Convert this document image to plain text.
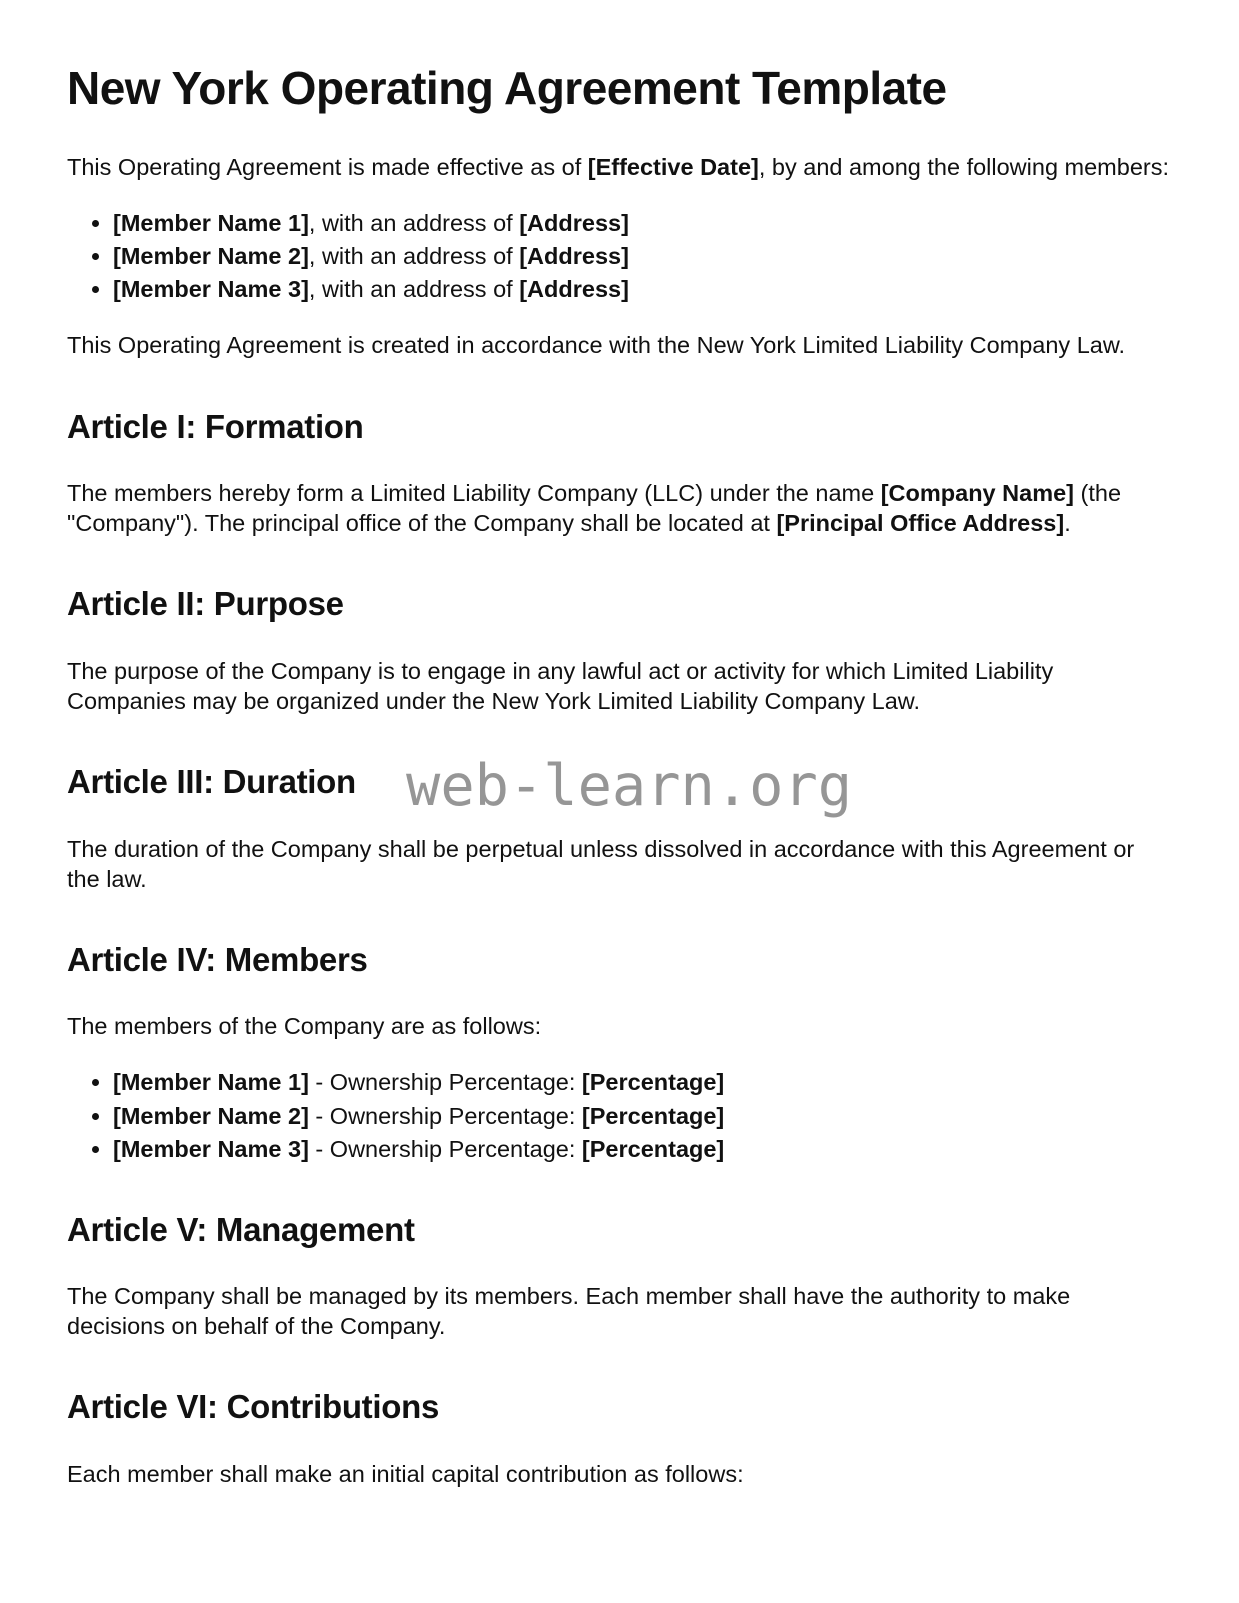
web-learn.org
New York Operating Agreement Template

This Operating Agreement is made effective as of [Effective Date], by and among the following members:

• [Member Name 1], with an address of [Address]
• [Member Name 2], with an address of [Address]
• [Member Name 3], with an address of [Address]

This Operating Agreement is created in accordance with the New York Limited Liability Company Law.

Article I: Formation

The members hereby form a Limited Liability Company (LLC) under the name [Company Name] (the "Company"). The principal office of the Company shall be located at [Principal Office Address].

Article II: Purpose

The purpose of the Company is to engage in any lawful act or activity for which Limited Liability Companies may be organized under the New York Limited Liability Company Law.

Article III: Duration

The duration of the Company shall be perpetual unless dissolved in accordance with this Agreement or the law.

Article IV: Members

The members of the Company are as follows:

• [Member Name 1] - Ownership Percentage: [Percentage]
• [Member Name 2] - Ownership Percentage: [Percentage]
• [Member Name 3] - Ownership Percentage: [Percentage]
Article V: Management

The Company shall be managed by its members. Each member shall have the authority to make decisions on behalf of the Company.

Article VI: Contributions

Each member shall make an initial capital contribution as follows:
